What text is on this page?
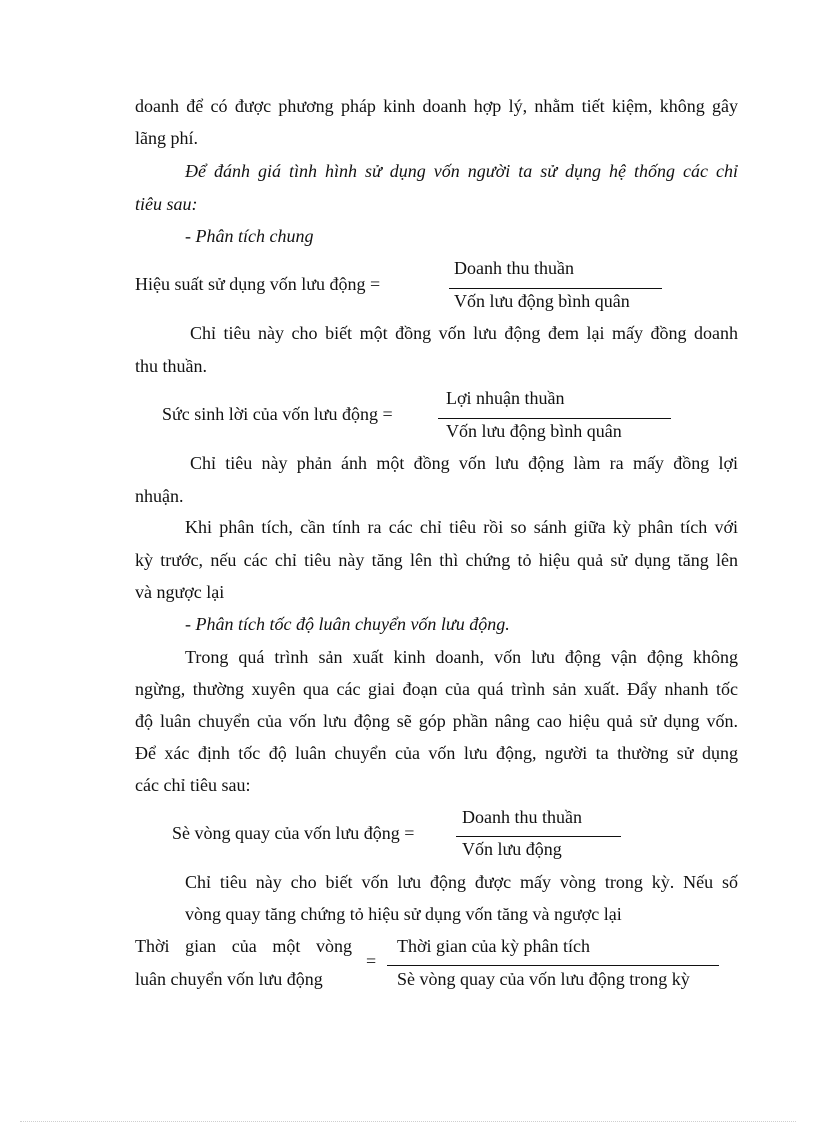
doanh để có được phương pháp kinh doanh hợp lý, nhằm tiết kiệm, không gây
lãng phí.
Để đánh giá tình hình sử dụng vốn người ta sử dụng hệ thống các chỉ
tiêu sau:
- Phân tích chung
Hiệu suất sử dụng vốn lưu động =
Doanh thu thuần
Vốn lưu động bình quân
Chỉ tiêu này cho biết một đồng vốn lưu động đem lại mấy đồng doanh
thu thuần.
Sức sinh lời của vốn lưu động =
Lợi nhuận thuần
Vốn lưu động bình quân
Chỉ tiêu này phản ánh một đồng vốn lưu động làm ra mấy đồng lợi
nhuận.
Khi phân tích, cần tính ra các chỉ tiêu rồi so sánh giữa kỳ phân tích với
kỳ trước, nếu các chỉ tiêu này tăng lên thì chứng tỏ hiệu quả sử dụng tăng lên
và ngược lại
- Phân tích tốc độ luân chuyển vốn lưu động.
Trong quá trình sản xuất kinh doanh, vốn lưu động vận động không
ngừng, thường xuyên qua các giai đoạn của quá trình sản xuất. Đẩy nhanh tốc
độ luân chuyển của vốn lưu động sẽ góp phần nâng cao hiệu quả sử dụng vốn.
Để xác định tốc độ luân chuyển của vốn lưu động, người ta thường sử dụng
các chỉ tiêu sau:
Sè vòng quay của vốn lưu động =
Doanh thu thuần
Vốn lưu động
Chỉ tiêu này cho biết vốn lưu động được mấy vòng trong kỳ. Nếu số
vòng quay tăng chứng tỏ hiệu sử dụng vốn tăng và ngược lại
Thời gian của một vòng
luân chuyển vốn lưu động
=
Thời gian của kỳ phân tích
Sè vòng quay của vốn lưu động trong kỳ
